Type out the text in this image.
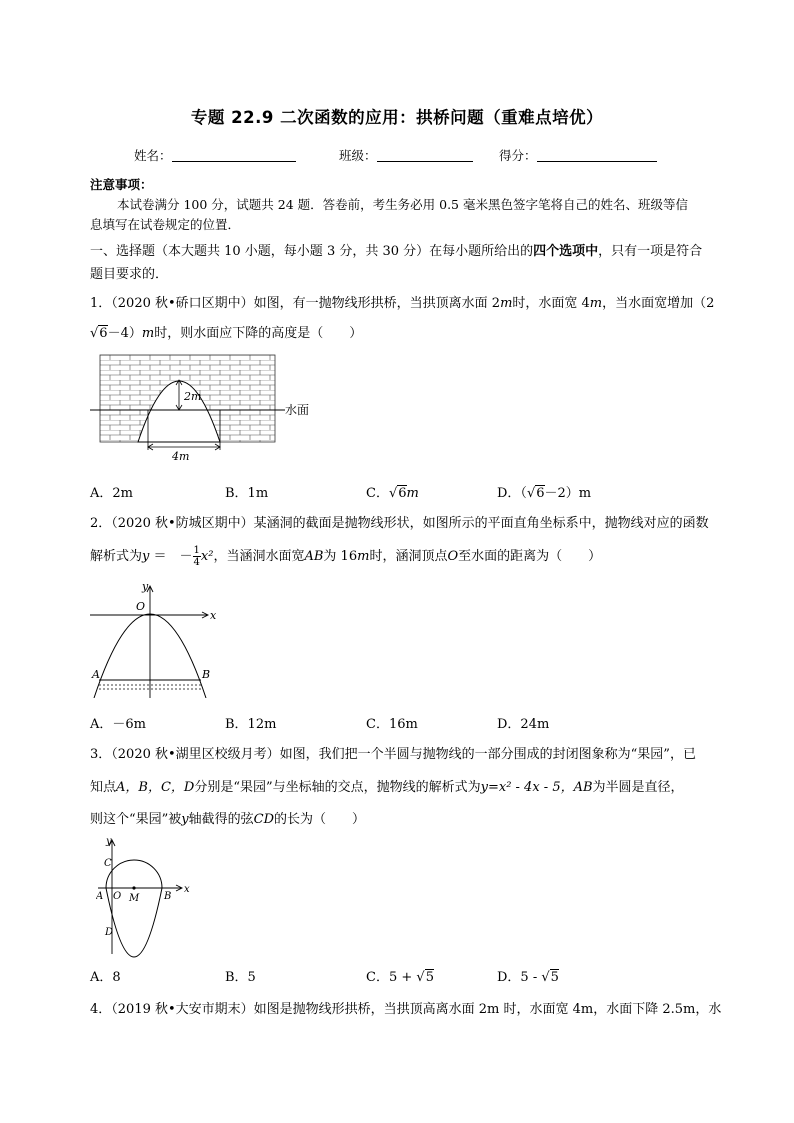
专题 22.9 二次函数的应用：拱桥问题（重难点培优）
姓名：	班级：	得分：
注意事项：
本试卷满分 100 分，试题共 24 题．答卷前，考生务必用 0.5 毫米黑色签字笔将自己的姓名、班级等信
息填写在试卷规定的位置．
一、选择题（本大题共 10 小题，每小题 3 分，共 30 分）在每小题所给出的四个选项中，只有一项是符合
题目要求的．
1．（2020 秋•硚口区期中）如图，有一抛物线形拱桥，当拱顶离水面 2m时，水面宽 4m，当水面宽增加（2
√6－4）m时，则水面应下降的高度是（　　）
2m
4m
水面
A．2m	B．1m	C．√6m	D．（√6－2）m
2．（2020 秋•防城区期中）某涵洞的截面是抛物线形状，如图所示的平面直角坐标系中，抛物线对应的函数
解析式为y ＝　－ $\frac{1}{4} x^2$，当涵洞水面宽AB为 16m时，涵洞顶点O至水面的距离为（　　）
y
x
O
A	B
A．－6m	B．12m	C．16m	D．24m
3．（2020 秋•湖里区校级月考）如图，我们把一个半圆与抛物线的一部分围成的封闭图象称为“果园”，已
知点A，B，C，D分别是“果园”与坐标轴的交点，抛物线的解析式为y=x² - 4x - 5，AB为半圆是直径，
则这个“果园”被y轴截得的弦CD的长为（　　）
y
x
C
A O M B
D
A．8	B．5	C．5 + √5	D．5 - √5
4．（2019 秋•大安市期末）如图是抛物线形拱桥，当拱顶高离水面 2m 时，水面宽 4m，水面下降 2.5m，水
